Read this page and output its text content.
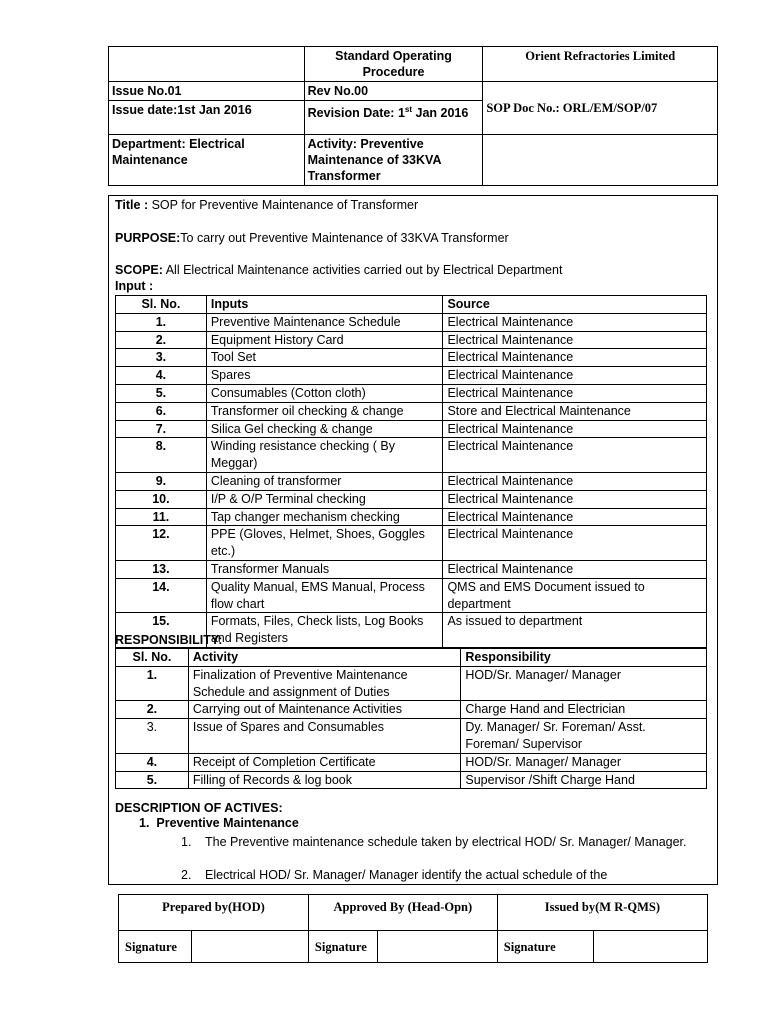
	Standard Operating
Procedure	Orient Refractories Limited
Issue No.01	Rev No.00	SOP Doc No.: ORL/EM/SOP/07
Issue date:1st Jan 2016	Revision Date: 1st Jan 2016	
Department: Electrical Maintenance	Activity: Preventive Maintenance of 33KVA Transformer	
Title : SOP for Preventive Maintenance of Transformer
PURPOSE:To carry out Preventive Maintenance of 33KVA Transformer
SCOPE: All Electrical Maintenance activities carried out by Electrical Department
Input :
Sl. No.	Inputs	Source
1.	Preventive Maintenance Schedule	Electrical Maintenance
2.	Equipment History Card	Electrical Maintenance
3.	Tool Set	Electrical Maintenance
4.	Spares	Electrical Maintenance
5.	Consumables (Cotton cloth)	Electrical Maintenance
6.	Transformer oil checking & change	Store and Electrical Maintenance
7.	Silica Gel checking & change	Electrical Maintenance
8.	Winding resistance checking ( By Meggar)	Electrical Maintenance
9.	Cleaning of transformer	Electrical Maintenance
10.	I/P & O/P Terminal checking	Electrical Maintenance
11.	Tap changer mechanism checking	Electrical Maintenance
12.	PPE (Gloves, Helmet, Shoes, Goggles etc.)	Electrical Maintenance
13.	Transformer Manuals	Electrical Maintenance
14.	Quality Manual, EMS Manual, Process flow chart	QMS and EMS Document issued to department
15.	Formats, Files, Check lists, Log Books and Registers	As issued to department
RESPONSIBILITY:
Sl. No.	Activity	Responsibility
1.	Finalization of Preventive Maintenance Schedule and assignment of Duties	HOD/Sr. Manager/ Manager
2.	Carrying out of Maintenance Activities	Charge Hand and Electrician
3.	Issue of Spares and Consumables	Dy. Manager/ Sr. Foreman/ Asst. Foreman/ Supervisor
4.	Receipt of Completion Certificate	HOD/Sr. Manager/ Manager
5.	Filling of Records & log book	Supervisor /Shift Charge Hand
DESCRIPTION OF ACTIVES:
1. Preventive Maintenance
1.	The Preventive maintenance schedule taken by electrical HOD/ Sr. Manager/ Manager.
2.	Electrical HOD/ Sr. Manager/ Manager identify the actual schedule of the
Prepared by(HOD)		Approved By (Head-Opn)		Issued by(M R-QMS)	
Signature		Signature		Signature	
